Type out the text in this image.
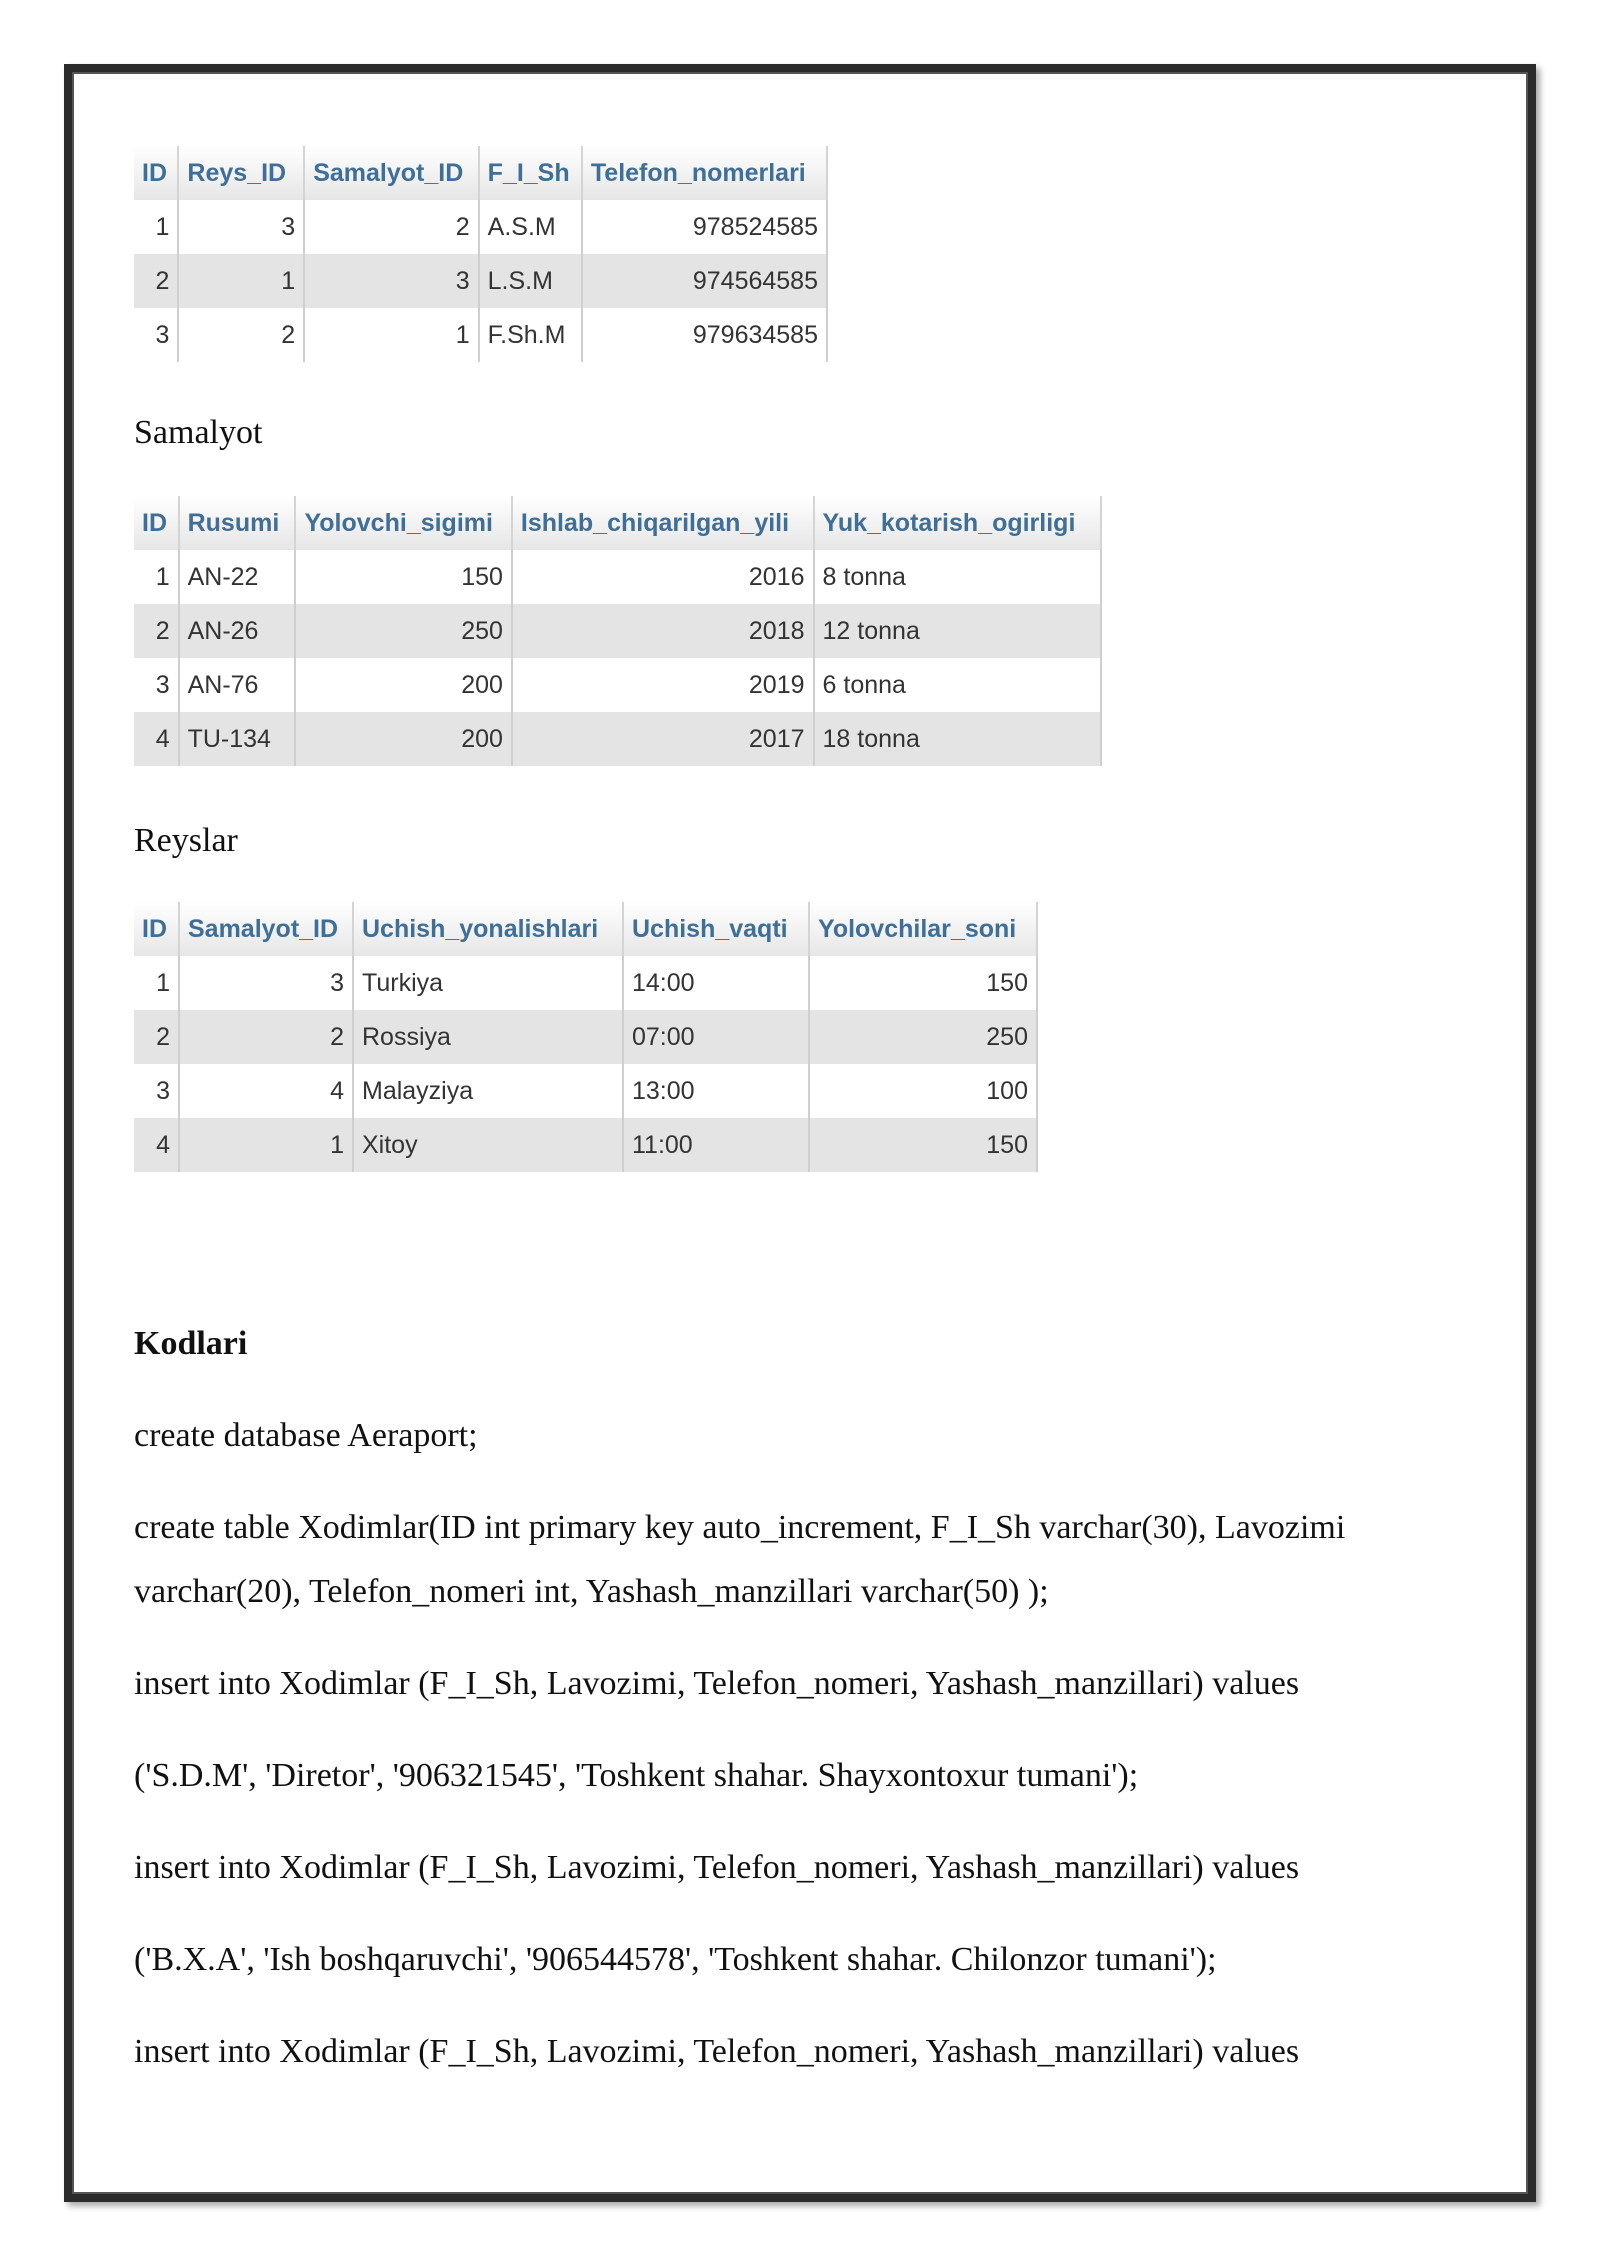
ID	Reys_ID	Samalyot_ID	F_I_Sh	Telefon_nomerlari
1	3	2	A.S.M	978524585
2	1	3	L.S.M	974564585
3	2	1	F.Sh.M	979634585
Samalyot
ID	Rusumi	Yolovchi_sigimi	Ishlab_chiqarilgan_yili	Yuk_kotarish_ogirligi
1	AN-22	150	2016	8 tonna
2	AN-26	250	2018	12 tonna
3	AN-76	200	2019	6 tonna
4	TU-134	200	2017	18 tonna
Reyslar
ID	Samalyot_ID	Uchish_yonalishlari	Uchish_vaqti	Yolovchilar_soni
1	3	Turkiya	14:00	150
2	2	Rossiya	07:00	250
3	4	Malayziya	13:00	100
4	1	Xitoy	11:00	150
Kodlari
create database Aeraport;
create table Xodimlar(ID int primary key auto_increment, F_I_Sh varchar(30), Lavozimi
varchar(20), Telefon_nomeri int, Yashash_manzillari varchar(50) );
insert into Xodimlar (F_I_Sh, Lavozimi, Telefon_nomeri, Yashash_manzillari) values
('S.D.M', 'Diretor', '906321545', 'Toshkent shahar. Shayxontoxur tumani');
insert into Xodimlar (F_I_Sh, Lavozimi, Telefon_nomeri, Yashash_manzillari) values
('B.X.A', 'Ish boshqaruvchi', '906544578', 'Toshkent shahar. Chilonzor tumani');
insert into Xodimlar (F_I_Sh, Lavozimi, Telefon_nomeri, Yashash_manzillari) values
